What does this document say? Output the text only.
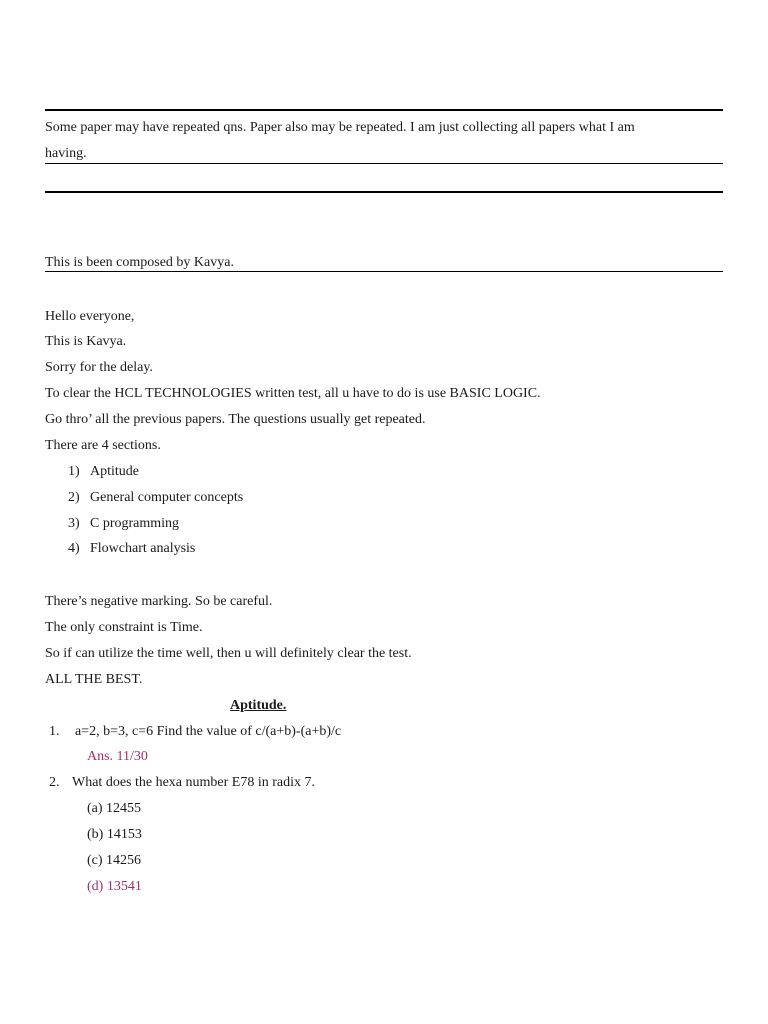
Some paper may have repeated qns. Paper also may be repeated. I am just collecting all papers what I am
having.
This is been composed by Kavya.
Hello everyone,
This is Kavya.
Sorry for the delay.
To clear the HCL TECHNOLOGIES written test, all u have to do is use BASIC LOGIC.
Go thro’ all the previous papers. The questions usually get repeated.
There are 4 sections.
1) Aptitude
2) General computer concepts
3) C programming
4) Flowchart analysis
There’s negative marking. So be careful.
The only constraint is Time.
So if can utilize the time well, then u will definitely clear the test.
ALL THE BEST.
Aptitude.
1. a=2, b=3, c=6 Find the value of c/(a+b)-(a+b)/c
Ans. 11/30
2. What does the hexa number E78 in radix 7.
(a) 12455
(b) 14153
(c) 14256
(d) 13541
